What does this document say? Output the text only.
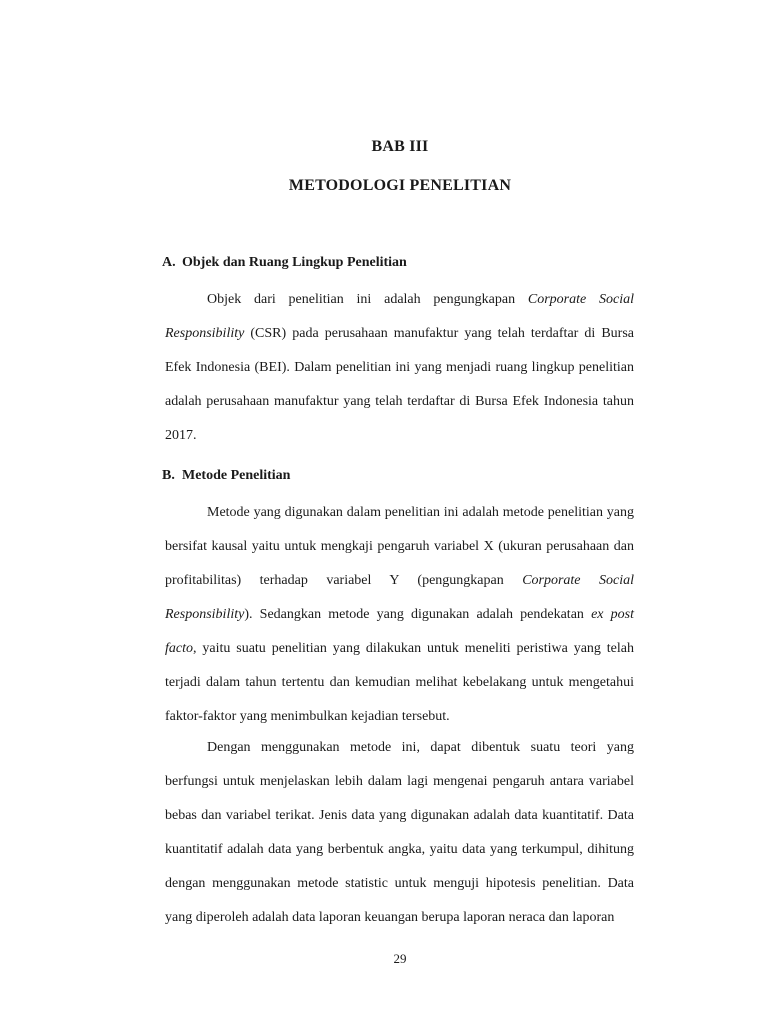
BAB III
METODOLOGI PENELITIAN
A. Objek dan Ruang Lingkup Penelitian

Objek dari penelitian ini adalah pengungkapan Corporate Social Responsibility (CSR) pada perusahaan manufaktur yang telah terdaftar di Bursa Efek Indonesia (BEI). Dalam penelitian ini yang menjadi ruang lingkup penelitian adalah perusahaan manufaktur yang telah terdaftar di Bursa Efek Indonesia tahun 2017.

B. Metode Penelitian

Metode yang digunakan dalam penelitian ini adalah metode penelitian yang bersifat kausal yaitu untuk mengkaji pengaruh variabel X (ukuran perusahaan dan profitabilitas) terhadap variabel Y (pengungkapan Corporate Social Responsibility). Sedangkan metode yang digunakan adalah pendekatan ex post facto, yaitu suatu penelitian yang dilakukan untuk meneliti peristiwa yang telah terjadi dalam tahun tertentu dan kemudian melihat kebelakang untuk mengetahui faktor-faktor yang menimbulkan kejadian tersebut.

Dengan menggunakan metode ini, dapat dibentuk suatu teori yang berfungsi untuk menjelaskan lebih dalam lagi mengenai pengaruh antara variabel bebas dan variabel terikat. Jenis data yang digunakan adalah data kuantitatif. Data kuantitatif adalah data yang berbentuk angka, yaitu data yang terkumpul, dihitung dengan menggunakan metode statistic untuk menguji hipotesis penelitian. Data yang diperoleh adalah data laporan keuangan berupa laporan neraca dan laporan

29
